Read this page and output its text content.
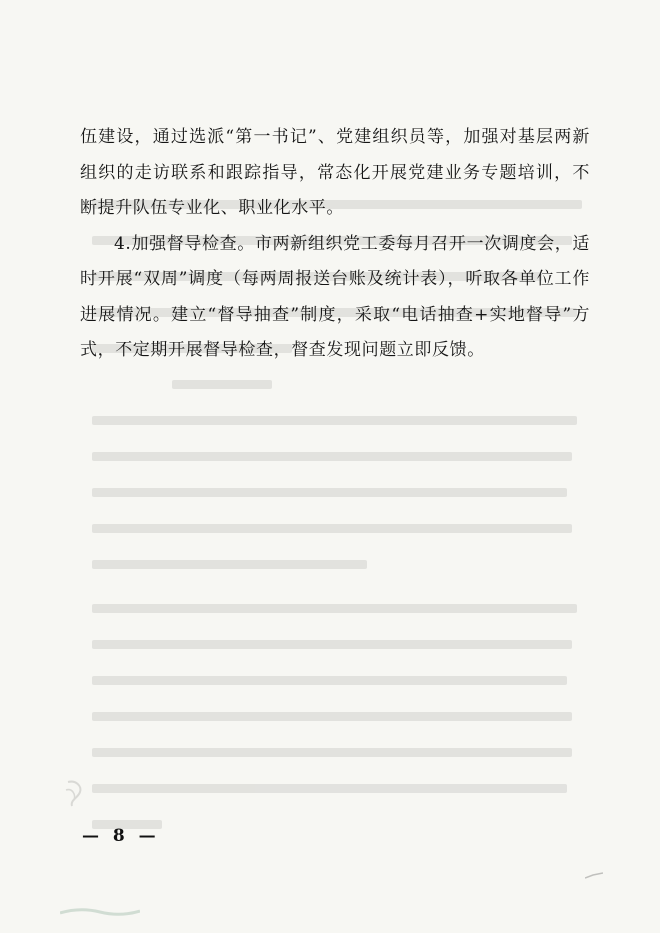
伍建设，通过选派“第一书记”、党建组织员等，加强对基层两新组织的走访联系和跟踪指导，常态化开展党建业务专题培训，不断提升队伍专业化、职业化水平。

4.加强督导检查。市两新组织党工委每月召开一次调度会，适时开展“双周”调度（每两周报送台账及统计表），听取各单位工作进展情况。建立“督导抽查”制度，采取“电话抽查+实地督导”方式，不定期开展督导检查，督查发现问题立即反馈。

— 8 —
